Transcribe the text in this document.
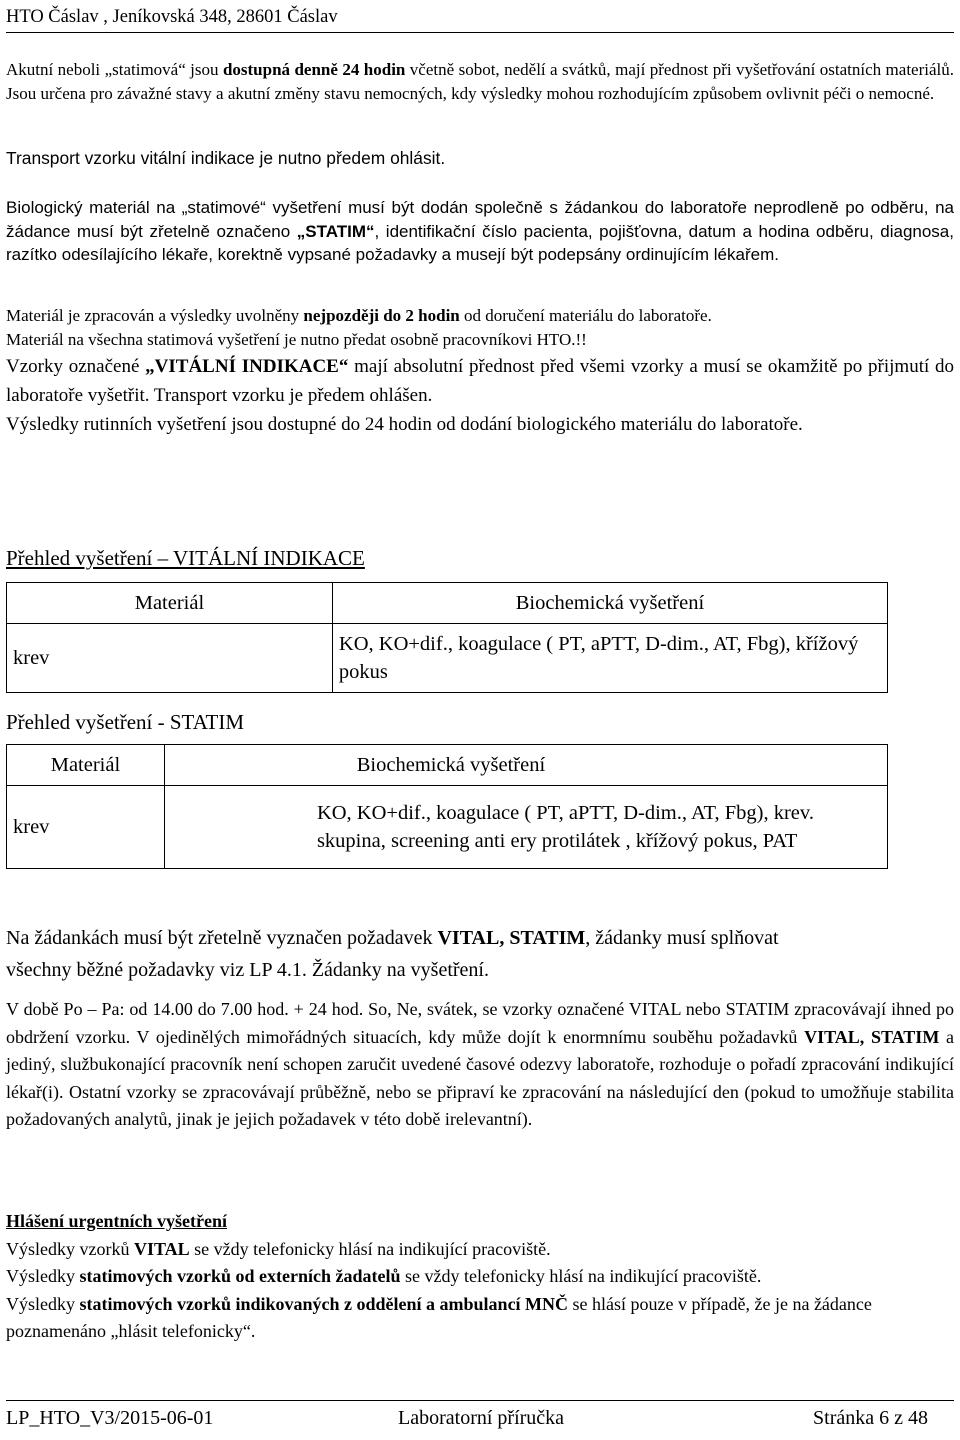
HTO Čáslav , Jeníkovská 348, 28601 Čáslav

Akutní neboli „statimová“ jsou dostupná denně 24 hodin včetně sobot, nedělí a svátků, mají přednost při vyšetřování ostatních materiálů. Jsou určena pro závažné stavy a akutní změny stavu nemocných, kdy výsledky mohou rozhodujícím způsobem ovlivnit péči o nemocné.

Transport vzorku vitální indikace je nutno předem ohlásit.

Biologický materiál na „statimové“ vyšetření musí být dodán společně s žádankou do laboratoře neprodleně po odběru, na žádance musí být zřetelně označeno „STATIM“, identifikační číslo pacienta, pojišťovna, datum a hodina odběru, diagnosa, razítko odesílajícího lékaře, korektně vypsané požadavky a musejí být podepsány ordinujícím lékařem.

Materiál je zpracován a výsledky uvolněny nejpozději do 2 hodin od doručení materiálu do laboratoře.

Materiál na všechna statimová vyšetření je nutno předat osobně pracovníkovi HTO.!!

Vzorky označené „VITÁLNÍ INDIKACE“ mají absolutní přednost před všemi vzorky a musí se okamžitě po přijmutí do laboratoře vyšetřit. Transport vzorku je předem ohlášen.

Výsledky rutinních vyšetření jsou dostupné do 24 hodin od dodání biologického materiálu do laboratoře.
Přehled vyšetření – VITÁLNÍ INDIKACE
Materiál	Biochemická vyšetření
krev	KO, KO+dif., koagulace ( PT, aPTT, D-dim., AT, Fbg), křížový pokus
Přehled vyšetření - STATIM
Materiál	Biochemická vyšetření
krev	KO, KO+dif., koagulace ( PT, aPTT, D-dim., AT, Fbg), krev. skupina, screening anti ery protilátek , křížový pokus, PAT

Na žádankách musí být zřetelně vyznačen požadavek VITAL, STATIM, žádanky musí splňovat

všechny běžné požadavky viz LP 4.1. Žádanky na vyšetření.

V době Po – Pa: od 14.00 do 7.00 hod. + 24 hod. So, Ne, svátek, se vzorky označené VITAL nebo STATIM zpracovávají ihned po obdržení vzorku. V ojedinělých mimořádných situacích, kdy může dojít k enormnímu souběhu požadavků VITAL, STATIM a jediný, službukonající pracovník není schopen zaručit uvedené časové odezvy laboratoře, rozhoduje o pořadí zpracování indikující lékař(i). Ostatní vzorky se zpracovávají průběžně, nebo se připraví ke zpracování na následující den (pokud to umožňuje stabilita požadovaných analytů, jinak je jejich požadavek v této době irelevantní).

Hlášení urgentních vyšetření

Výsledky vzorků VITAL se vždy telefonicky hlásí na indikující pracoviště.

Výsledky statimových vzorků od externích žadatelů se vždy telefonicky hlásí na indikující pracoviště.

Výsledky statimových vzorků indikovaných z oddělení a ambulancí MNČ se hlásí pouze v případě, že je na žádance poznamenáno „hlásit telefonicky“.

LP_HTO_V3/2015-06-01	Laboratorní příručka	Stránka 6 z 48
